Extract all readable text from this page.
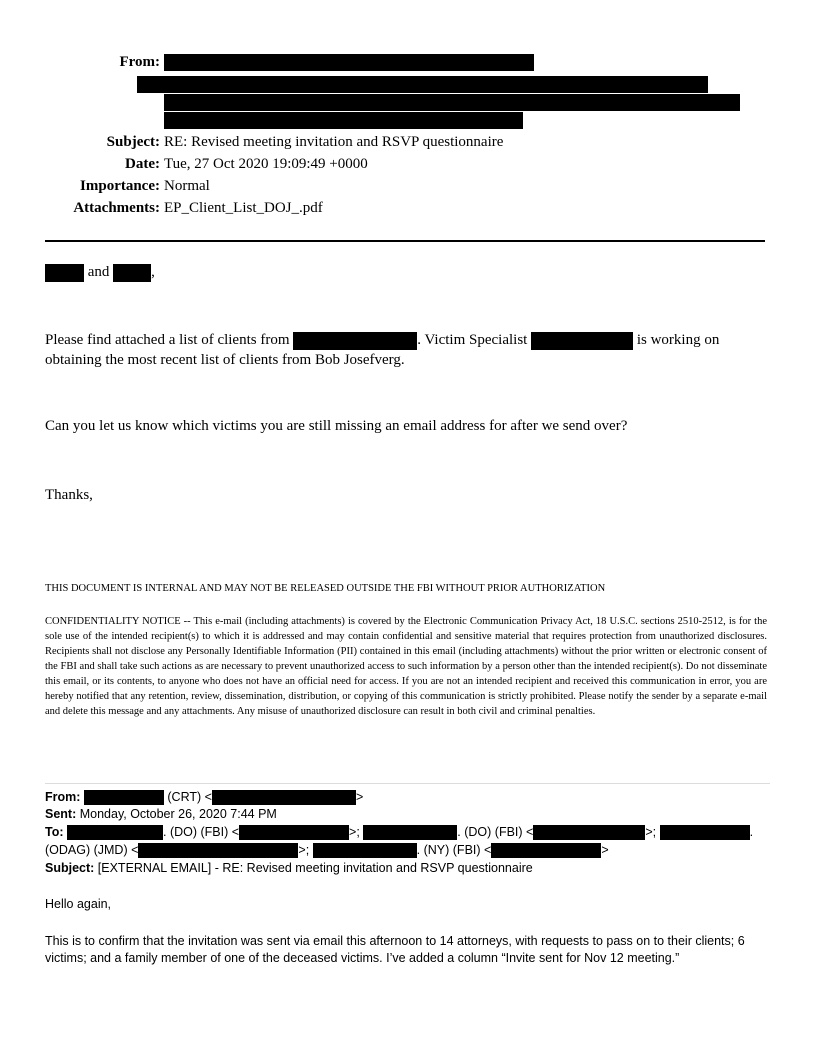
From:
Subject: RE: Revised meeting invitation and RSVP questionnaire
Date: Tue, 27 Oct 2020 19:09:49 +0000
Importance: Normal
Attachments: EP_Client_List_DOJ_.pdf
and	,
Please find attached a list of clients from	. Victim Specialist	is working on
obtaining the most recent list of clients from Bob Josefverg.
Can you let us know which victims you are still missing an email address for after we send over?
Thanks,
THIS DOCUMENT IS INTERNAL AND MAY NOT BE RELEASED OUTSIDE THE FBI WITHOUT PRIOR AUTHORIZATION
CONFIDENTIALITY NOTICE -- This e-mail (including attachments) is covered by the Electronic Communication Privacy Act, 18 U.S.C. sections 2510-2512, is for the sole use of the intended recipient(s) to which it is addressed and may contain confidential and sensitive material that requires protection from unauthorized disclosures. Recipients shall not disclose any Personally Identifiable Information (PII) contained in this email (including attachments) without the prior written or electronic consent of the FBI and shall take such actions as are necessary to prevent unauthorized access to such information by a person other than the intended recipient(s). Do not disseminate this email, or its contents, to anyone who does not have an official need for access. If you are not an intended recipient and received this communication in error, you are hereby notified that any retention, review, dissemination, distribution, or copying of this communication is strictly prohibited. Please notify the sender by a separate e-mail and delete this message and any attachments. Any misuse of unauthorized disclosure can result in both civil and criminal penalties.
From:	(CRT) <	>
Sent: Monday, October 26, 2020 7:44 PM
To:	. (DO) (FBI) <	>;	. (DO) (FBI) <	>;	.
(ODAG) (JMD) <	>;	. (NY) (FBI) <	>
Subject: [EXTERNAL EMAIL] - RE: Revised meeting invitation and RSVP questionnaire
Hello again,
This is to confirm that the invitation was sent via email this afternoon to 14 attorneys, with requests to pass on to their clients; 6 victims; and a family member of one of the deceased victims. I’ve added a column “Invite sent for Nov 12 meeting.”
